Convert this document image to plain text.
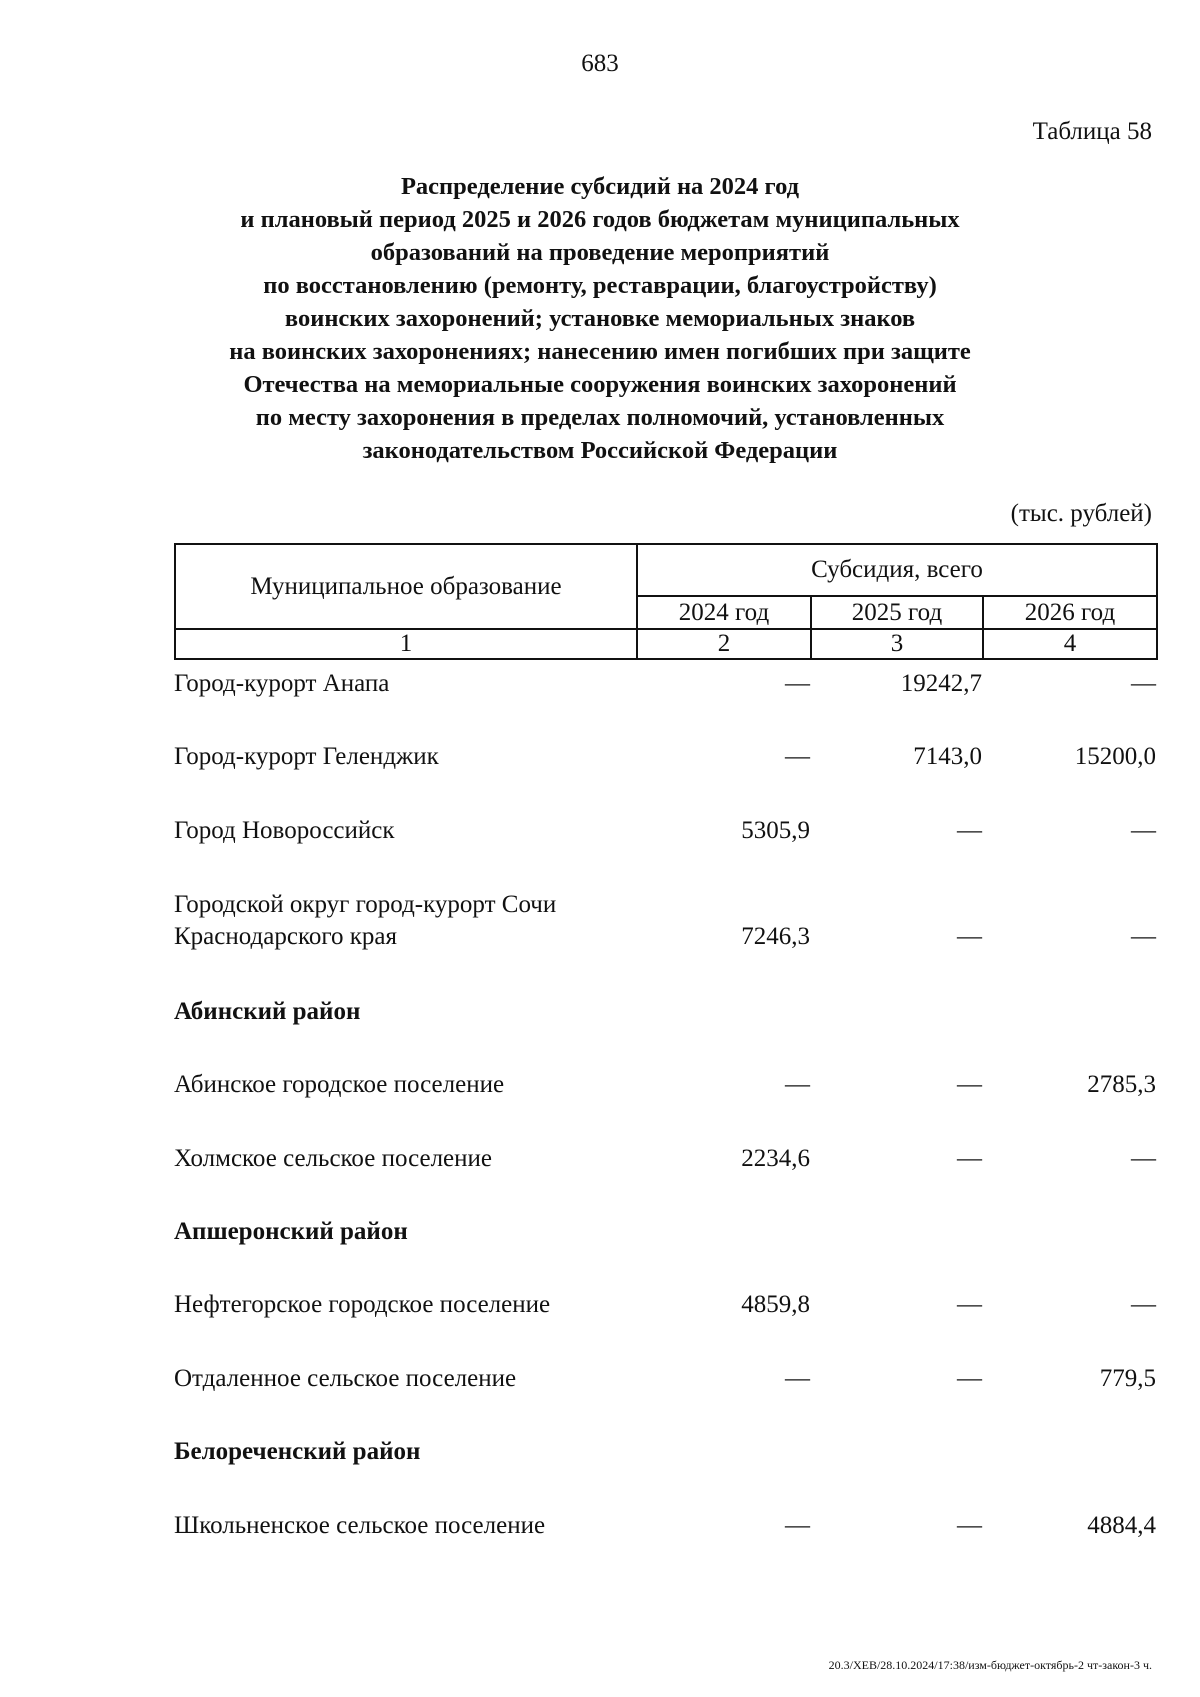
683
Таблица 58
Распределение субсидий на 2024 год
и плановый период 2025 и 2026 годов бюджетам муниципальных
образований на проведение мероприятий
по восстановлению (ремонту, реставрации, благоустройству)
воинских захоронений; установке мемориальных знаков
на воинских захоронениях; нанесению имен погибших при защите
Отечества на мемориальные сооружения воинских захоронений
по месту захоронения в пределах полномочий, установленных
законодательством Российской Федерации
(тыс. рублей)
Муниципальное образование	Субсидия, всего		
	2024 год	2025 год	2026 год
1	2	3	4
Город-курорт Анапа	—	19242,7	—
Город-курорт Геленджик	—	7143,0	15200,0
Город Новороссийск	5305,9	—	—
Городской округ город-курорт Сочи
Краснодарского края	7246,3	—	—
Абинский район
Абинское городское поселение	—	—	2785,3
Холмское сельское поселение	2234,6	—	—
Апшеронский район
Нефтегорское городское поселение	4859,8	—	—
Отдаленное сельское поселение	—	—	779,5
Белореченский район
Школьненское сельское поселение	—	—	4884,4
20.3/ХЕВ/28.10.2024/17:38/изм-бюджет-октябрь-2 чт-закон-3 ч.
